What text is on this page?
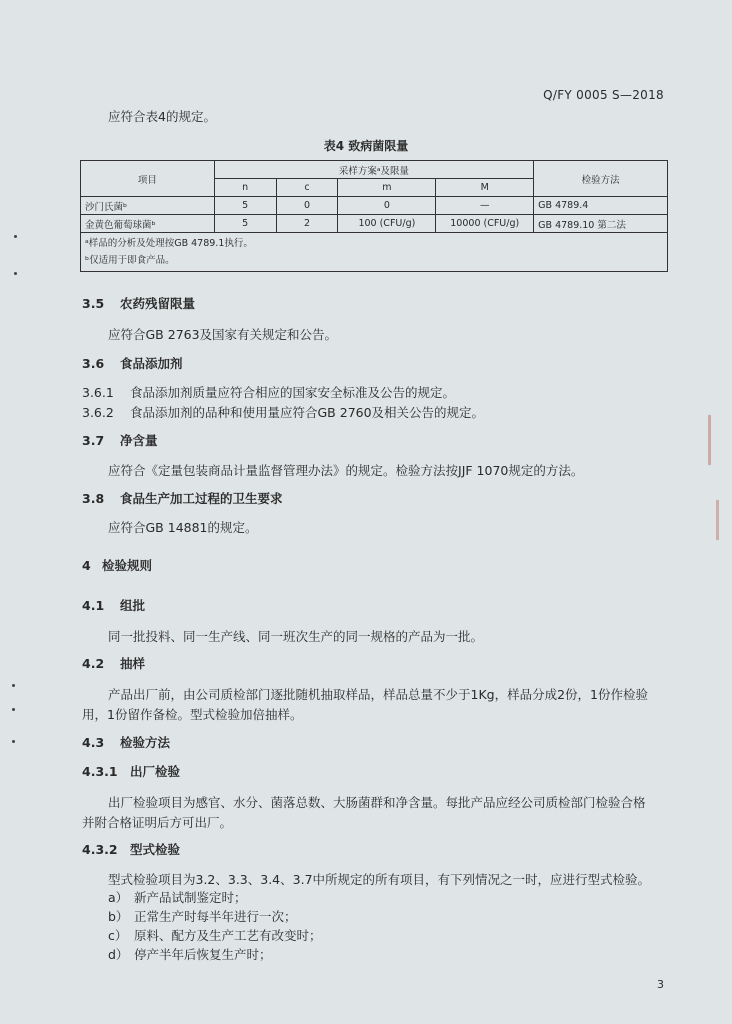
Q/FY 0005 S—2018
应符合表4的规定。
表4 致病菌限量
项目	采样方案ᵃ及限量				检验方法
	n	c	m	M	
沙门氏菌ᵇ	5	0	0	—	GB 4789.4
金黄色葡萄球菌ᵇ	5	2	100 (CFU/g)	10000 (CFU/g)	GB 4789.10 第二法

ᵃ样品的分析及处理按GB 4789.1执行。
ᵇ仅适用于即食产品。					
3.5 农药残留限量
应符合GB 2763及国家有关规定和公告。
3.6 食品添加剂
3.6.1 食品添加剂质量应符合相应的国家安全标准及公告的规定。
3.6.2 食品添加剂的品种和使用量应符合GB 2760及相关公告的规定。
3.7 净含量
应符合《定量包装商品计量监督管理办法》的规定。检验方法按JJF 1070规定的方法。
3.8 食品生产加工过程的卫生要求
应符合GB 14881的规定。
4 检验规则
4.1 组批
同一批投料、同一生产线、同一班次生产的同一规格的产品为一批。
4.2 抽样
产品出厂前，由公司质检部门逐批随机抽取样品，样品总量不少于1Kg，样品分成2份，1份作检验
用，1份留作备检。型式检验加倍抽样。
4.3 检验方法
4.3.1 出厂检验
出厂检验项目为感官、水分、菌落总数、大肠菌群和净含量。每批产品应经公司质检部门检验合格
并附合格证明后方可出厂。
4.3.2 型式检验
型式检验项目为3.2、3.3、3.4、3.7中所规定的所有项目，有下列情况之一时，应进行型式检验。
a） 新产品试制鉴定时；
b） 正常生产时每半年进行一次；
c） 原料、配方及生产工艺有改变时；
d） 停产半年后恢复生产时；
3
